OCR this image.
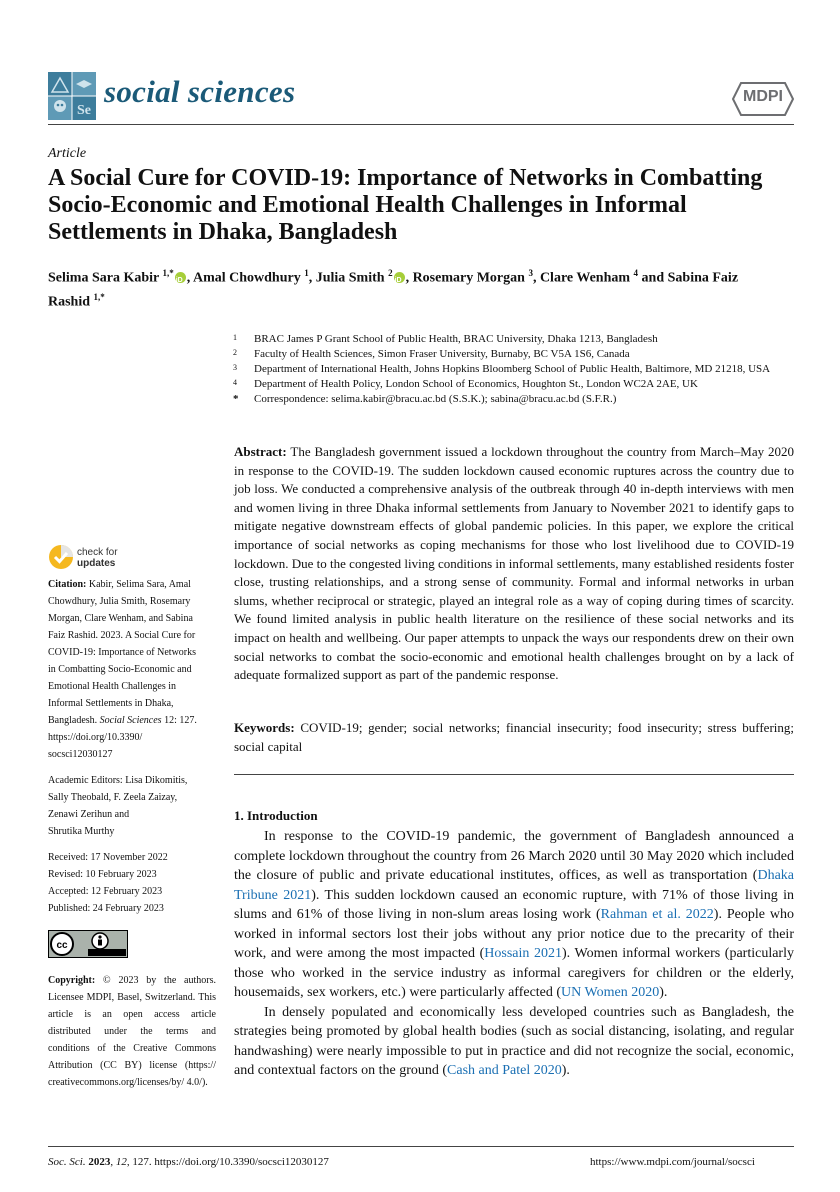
Se
social sciences	MDPI
Article
A Social Cure for COVID-19: Importance of Networks in Combatting Socio-Economic and Emotional Health Challenges in Informal Settlements in Dhaka, Bangladesh
Selima Sara Kabir $^{1,*}$ iD , Amal Chowdhury $^1$, Julia Smith $^2$ iD , Rosemary Morgan $^3$, Clare Wenham $^4$ and Sabina Faiz Rashid $^{1,*}$
1 BRAC James P Grant School of Public Health, BRAC University, Dhaka 1213, Bangladesh
2 Faculty of Health Sciences, Simon Fraser University, Burnaby, BC V5A 1S6, Canada
3 Department of International Health, Johns Hopkins Bloomberg School of Public Health, Baltimore, MD 21218, USA
4 Department of Health Policy, London School of Economics, Houghton St., London WC2A 2AE, UK
* Correspondence: selima.kabir@bracu.ac.bd (S.S.K.); sabina@bracu.ac.bd (S.F.R.)
Abstract: The Bangladesh government issued a lockdown throughout the country from March–May 2020 in response to the COVID-19. The sudden lockdown caused economic ruptures across the country due to job loss. We conducted a comprehensive analysis of the outbreak through 40 in-depth interviews with men and women living in three Dhaka informal settlements from January to November 2021 to identify gaps to mitigate negative downstream effects of global pandemic policies. In this paper, we explore the critical importance of social networks as coping mechanisms for those who lost livelihood due to COVID-19 lockdown. Due to the congested living conditions in informal settlements, many established residents foster close, trusting relationships, and a strong sense of community. Formal and informal networks in urban slums, whether reciprocal or strategic, played an integral role as a way of coping during times of scarcity. We found limited analysis in public health literature on the resilience of these social networks and its impact on health and wellbeing. Our paper attempts to unpack the ways our respondents drew on their own social networks to combat the socio-economic and emotional health challenges brought on by a lack of adequate formalized support as part of the pandemic response.
Keywords: COVID-19; gender; social networks; financial insecurity; food insecurity; stress buffering; social capital
check for
updates
Citation: Kabir, Selima Sara, Amal
Chowdhury, Julia Smith, Rosemary
Morgan, Clare Wenham, and Sabina
Faiz Rashid. 2023. A Social Cure for
COVID-19: Importance of Networks
in Combatting Socio-Economic and
Emotional Health Challenges in
Informal Settlements in Dhaka,
Bangladesh. Social Sciences 12: 127.
https://doi.org/10.3390/
socsci12030127
Academic Editors: Lisa Dikomitis,
Sally Theobald, F. Zeela Zaizay,
Zenawi Zerihun and
Shrutika Murthy
Received: 17 November 2022
Revised: 10 February 2023
Accepted: 12 February 2023
Published: 24 February 2023
cc
Copyright: © 2023 by the authors. Licensee MDPI, Basel, Switzerland. This article is an open access article distributed under the terms and conditions of the Creative Commons Attribution (CC BY) license (https:// creativecommons.org/licenses/by/ 4.0/).
1. Introduction

In response to the COVID-19 pandemic, the government of Bangladesh announced a complete lockdown throughout the country from 26 March 2020 until 30 May 2020 which included the closure of public and private educational institutes, offices, as well as transportation (Dhaka Tribune 2021). This sudden lockdown caused an economic rupture, with 71% of those living in slums and 61% of those living in non-slum areas losing work (Rahman et al. 2022). People who worked in informal sectors lost their jobs without any prior notice due to the precarity of their work, and were among the most impacted (Hossain 2021). Women informal workers (particularly those who worked in the service industry as informal caregivers for children or the elderly, housemaids, sex workers, etc.) were particularly affected (UN Women 2020).

In densely populated and economically less developed countries such as Bangladesh, the strategies being promoted by global health bodies (such as social distancing, isolating, and regular handwashing) were nearly impossible to put in practice and did not recognize the social, economic, and contextual factors on the ground (Cash and Patel 2020).

Soc. Sci. 2023, 12, 127. https://doi.org/10.3390/socsci12030127	https://www.mdpi.com/journal/socsci
